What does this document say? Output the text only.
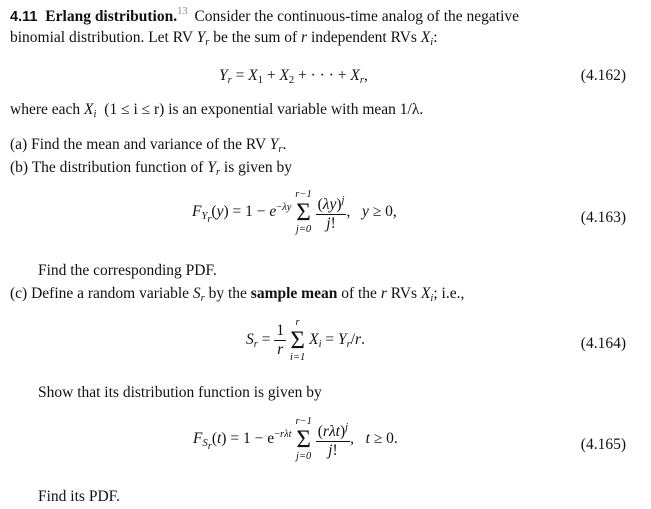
4.11 Erlang distribution.$^{13}$ Consider the continuous-time analog of the negative
binomial distribution. Let RV $Y_r$ be the sum of r independent RVs $X_i$:
$Y_r = X_1 + X_2$ + · · · + $X_r$,	(4.162)
where each $X_i$ (1 ≤ i ≤ r) is an exponential variable with mean 1/λ.
(a) Find the mean and variance of the RV $Y_r$.
(b) The distribution function of $Y_r$ is given by
$F_{Y_r}(y) = 1 - e^{-\lambda y}$
r−1
Σ
j=0
$\frac{(\lambda y)^j}{j!}$ ,   y ≥ 0,	(4.163)
Find the corresponding PDF.
(c) Define a random variable $S_r$ by the sample mean of the r RVs $X_i$; i.e.,
$S_r = \frac{1}{r}$

r
Σ
i=1
$X_i = Y_r/r$.	(4.164)
Show that its distribution function is given by
$F_{S_r}(t) = 1 - e^{-r\lambda t}$
r−1
Σ
j=0
$\frac{(r\lambda t)^j}{j!}$ ,   t ≥ 0.	(4.165)
Find its PDF.
